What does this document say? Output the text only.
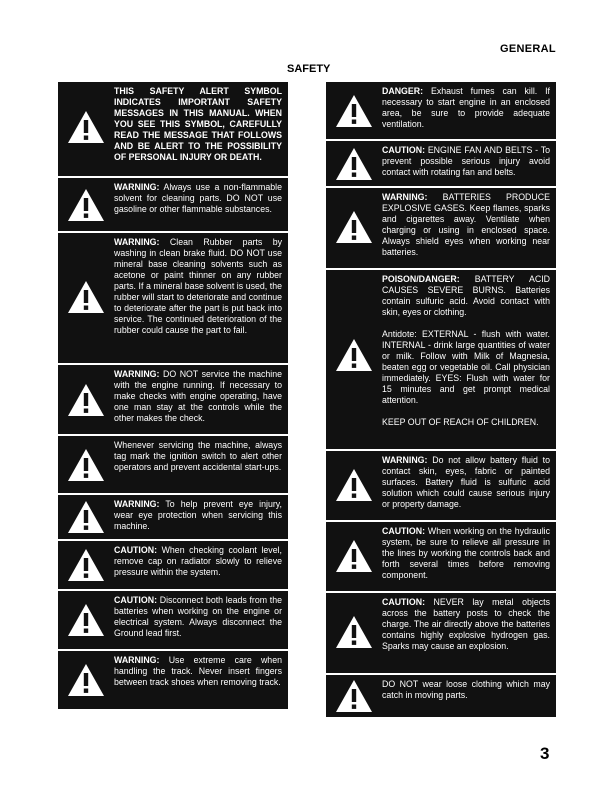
GENERAL
SAFETY
THIS SAFETY ALERT SYMBOL INDICATES IMPORTANT SAFETY MESSAGES IN THIS MANUAL. WHEN YOU SEE THIS SYMBOL, CAREFULLY READ THE MESSAGE THAT FOLLOWS AND BE ALERT TO THE POSSIBILITY OF PERSONAL INJURY OR DEATH.
WARNING: Always use a non-flammable solvent for cleaning parts. DO NOT use gasoline or other flammable substances.
WARNING: Clean Rubber parts by washing in clean brake fluid. DO NOT use mineral base cleaning solvents such as acetone or paint thinner on any rubber parts. If a mineral base solvent is used, the rubber will start to deteriorate and continue to deteriorate after the part is put back into service. The continued deterioration of the rubber could cause the part to fail.
WARNING: DO NOT service the machine with the engine running. If necessary to make checks with engine operating, have one man stay at the controls while the other makes the check.
Whenever servicing the machine, always tag mark the ignition switch to alert other operators and prevent accidental start-ups.
WARNING: To help prevent eye injury, wear eye protection when servicing this machine.
CAUTION: When checking coolant level, remove cap on radiator slowly to relieve pressure within the system.
CAUTION: Disconnect both leads from the batteries when working on the engine or electrical system. Always disconnect the Ground lead first.
WARNING: Use extreme care when handling the track. Never insert fingers between track shoes when removing track.
DANGER: Exhaust fumes can kill. If necessary to start engine in an enclosed area, be sure to provide adequate ventilation.
CAUTION: ENGINE FAN AND BELTS - To prevent possible serious injury avoid contact with rotating fan and belts.
WARNING: BATTERIES PRODUCE EXPLOSIVE GASES. Keep flames, sparks and cigarettes away. Ventilate when charging or using in enclosed space. Always shield eyes when working near batteries.
POISON/DANGER: BATTERY ACID CAUSES SEVERE BURNS. Batteries contain sulfuric acid. Avoid contact with skin, eyes or clothing.
Antidote: EXTERNAL - flush with water. INTERNAL - drink large quantities of water or milk. Follow with Milk of Magnesia, beaten egg or vegetable oil. Call physician immediately. EYES: Flush with water for 15 minutes and get prompt medical attention.
KEEP OUT OF REACH OF CHILDREN.
WARNING: Do not allow battery fluid to contact skin, eyes, fabric or painted surfaces. Battery fluid is sulfuric acid solution which could cause serious injury or property damage.
CAUTION: When working on the hydraulic system, be sure to relieve all pressure in the lines by working the controls back and forth several times before removing component.
CAUTION: NEVER lay metal objects across the battery posts to check the charge. The air directly above the batteries contains highly explosive hydrogen gas. Sparks may cause an explosion.
DO NOT wear loose clothing which may catch in moving parts.
3
